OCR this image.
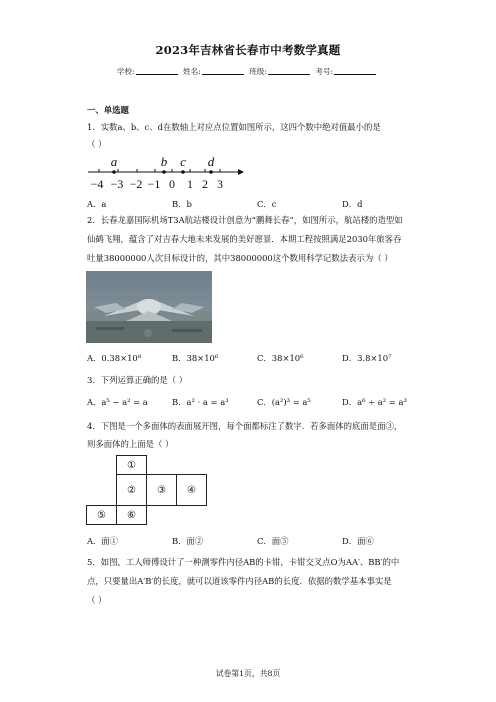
2023年吉林省长春市中考数学真题
学校:	姓名:	班级:	考号:
一、单选题
1．实数a、b、c、d在数轴上对应点位置如图所示，这四个数中绝对值最小的是
（ ）
a	b c d
−4 −3 −2 −1 0 1 2 3
A．a	B．b	C．c	D．d
2．长春龙嘉国际机场T3A航站楼设计创意为“鹏舞长春”，如图所示，航站楼的造型如
仙鹤飞翔，蕴含了对吉春大地未来发展的美好愿景．本期工程按照满足2030年旅客吞
吐量38000000人次目标设计的，其中38000000这个数用科学记数法表示为（ ）
A．0.38×10⁸	B．38×10⁶	C．38×10⁶	D．3.8×10⁷
3．下列运算正确的是（ ）
A．a⁵ − a² = a	B．a² · a = a³	C．(a²)³ = a⁵	D．a⁶ ÷ a² = a³
4．下图是一个多面体的表面展开图，每个面都标注了数字．若多面体的底面是面③，
则多面体的上面是（ ）
	①		
	②	③	④
⑤	⑥		
A．面①	B．面②	C．面⑤	D．面⑥
5．如图，工人师傅设计了一种测零件内径AB的卡钳，卡钳交叉点O为AA′、BB′的中
点，只要量出A′B′的长度，就可以道该零件内径AB的长度．依据的数学基本事实是
（ ）
试卷第1页，共8页
